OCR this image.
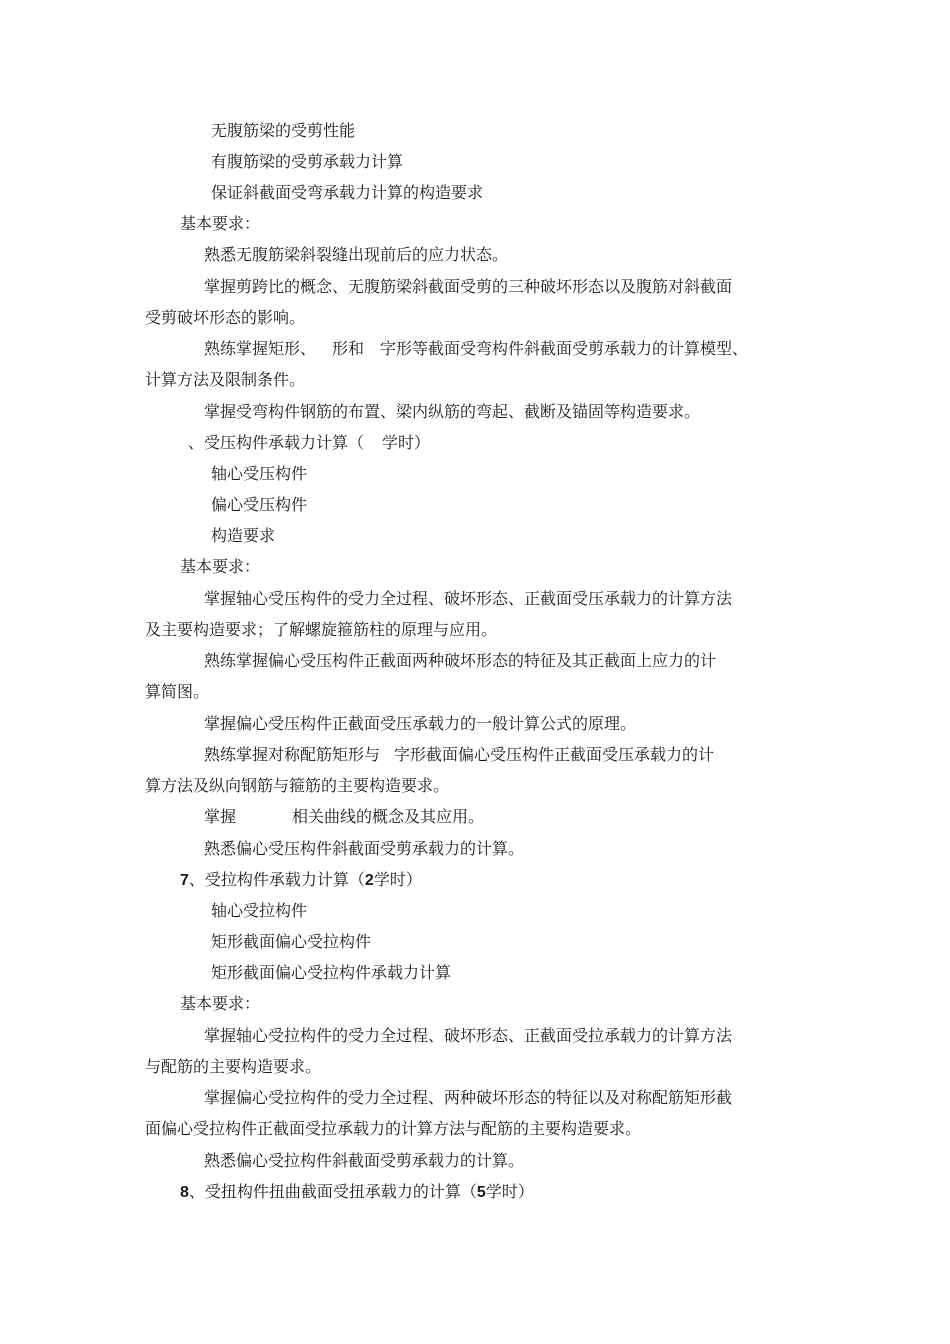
无腹筋梁的受剪性能
有腹筋梁的受剪承载力计算
保证斜截面受弯承载力计算的构造要求
基本要求：
熟悉无腹筋梁斜裂缝出现前后的应力状态。
掌握剪跨比的概念、无腹筋梁斜截面受剪的三种破坏形态以及腹筋对斜截面
受剪破坏形态的影响。
熟练掌握矩形、 形和 字形等截面受弯构件斜截面受剪承载力的计算模型、
计算方法及限制条件。
掌握受弯构件钢筋的布置、梁内纵筋的弯起、截断及锚固等构造要求。
、受压构件承载力计算（ 学时）
轴心受压构件
偏心受压构件
构造要求
基本要求：
掌握轴心受压构件的受力全过程、破坏形态、正截面受压承载力的计算方法
及主要构造要求；了解螺旋箍筋柱的原理与应用。
熟练掌握偏心受压构件正截面两种破坏形态的特征及其正截面上应力的计
算简图。
掌握偏心受压构件正截面受压承载力的一般计算公式的原理。
熟练掌握对称配筋矩形与 字形截面偏心受压构件正截面受压承载力的计
算方法及纵向钢筋与箍筋的主要构造要求。
掌握	相关曲线的概念及其应用。
熟悉偏心受压构件斜截面受剪承载力的计算。
7、受拉构件承载力计算（2学时）
轴心受拉构件
矩形截面偏心受拉构件
矩形截面偏心受拉构件承载力计算
基本要求：
掌握轴心受拉构件的受力全过程、破坏形态、正截面受拉承载力的计算方法
与配筋的主要构造要求。
掌握偏心受拉构件的受力全过程、两种破坏形态的特征以及对称配筋矩形截
面偏心受拉构件正截面受拉承载力的计算方法与配筋的主要构造要求。
熟悉偏心受拉构件斜截面受剪承载力的计算。
8、受扭构件扭曲截面受扭承载力的计算（5学时）
